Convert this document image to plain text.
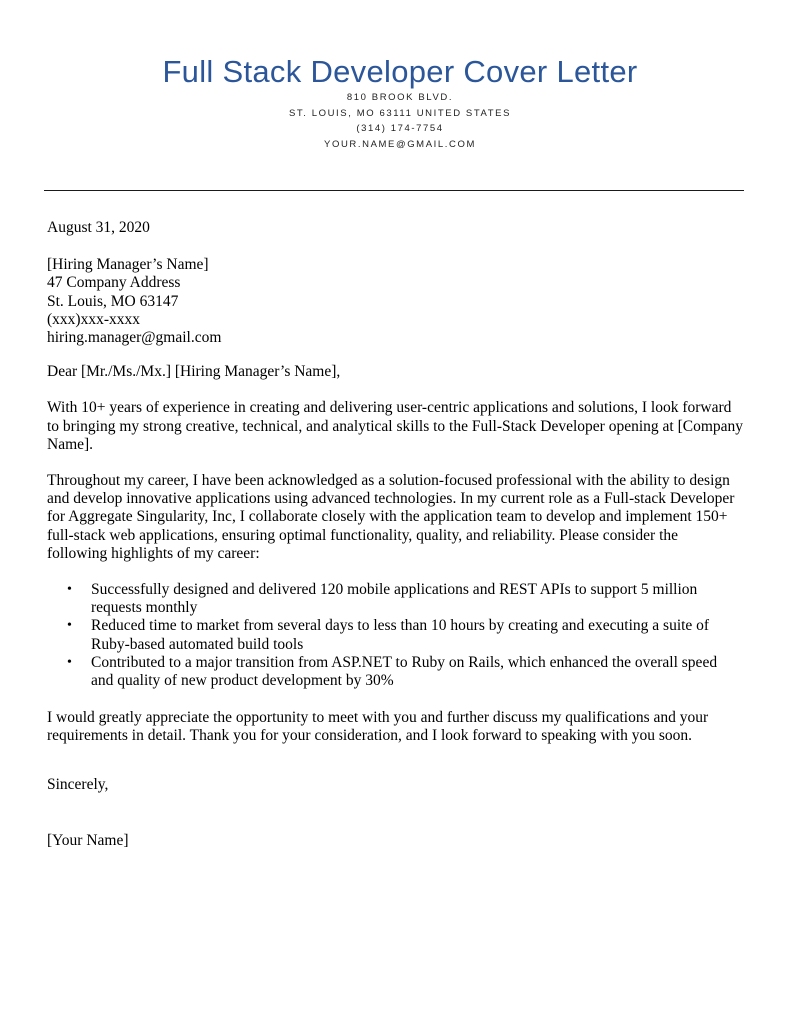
Full Stack Developer Cover Letter
810 BROOK BLVD.
ST. LOUIS, MO 63111 UNITED STATES
(314) 174-7754
YOUR.NAME@GMAIL.COM
August 31, 2020
[Hiring Manager’s Name]
47 Company Address
St. Louis, MO 63147
(xxx)xxx-xxxx
hiring.manager@gmail.com
Dear [Mr./Ms./Mx.] [Hiring Manager’s Name],
With 10+ years of experience in creating and delivering user-centric applications and solutions, I look forward
to bringing my strong creative, technical, and analytical skills to the Full-Stack Developer opening at [Company
Name].
Throughout my career, I have been acknowledged as a solution-focused professional with the ability to design
and develop innovative applications using advanced technologies. In my current role as a Full-stack Developer
for Aggregate Singularity, Inc, I collaborate closely with the application team to develop and implement 150+
full-stack web applications, ensuring optimal functionality, quality, and reliability. Please consider the
following highlights of my career:
• Successfully designed and delivered 120 mobile applications and REST APIs to support 5 million
requests monthly
• Reduced time to market from several days to less than 10 hours by creating and executing a suite of
Ruby-based automated build tools
• Contributed to a major transition from ASP.NET to Ruby on Rails, which enhanced the overall speed
and quality of new product development by 30%
I would greatly appreciate the opportunity to meet with you and further discuss my qualifications and your
requirements in detail. Thank you for your consideration, and I look forward to speaking with you soon.
Sincerely,
[Your Name]
